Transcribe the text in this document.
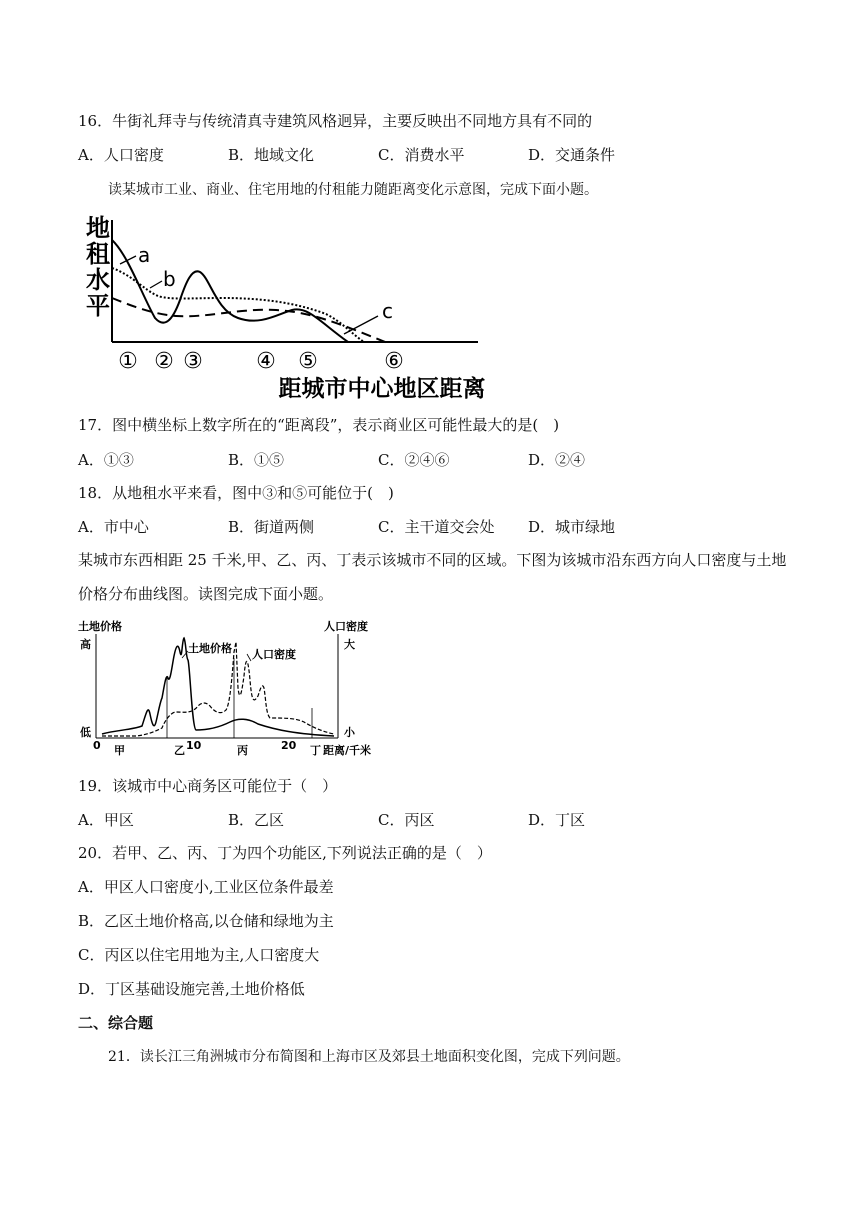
16．牛街礼拜寺与传统清真寺建筑风格迥异，主要反映出不同地方具有不同的
A．人口密度	B．地域文化	C．消费水平	D．交通条件
读某城市工业、商业、住宅用地的付租能力随距离变化示意图，完成下面小题。
地
租
水
平
a
b
c
① ② ③ ④ ⑤	⑥
距城市中心地区距离
17．图中横坐标上数字所在的“距离段”，表示商业区可能性最大的是(　)
A．①③	B．①⑤	C．②④⑥	D．②④
18．从地租水平来看，图中③和⑤可能位于(　)
A．市中心	B．街道两侧	C．主干道交会处 D．城市绿地
某城市东西相距 25 千米,甲、乙、丙、丁表示该城市不同的区域。下图为该城市沿东西方向人口密度与土地
价格分布曲线图。读图完成下面小题。
土地价格
高
低
人口密度
大
小
土地价格 人口密度
0	10	20
甲	乙	丙	丁 距离/千米
19．该城市中心商务区可能位于（　）
A．甲区	B．乙区	C．丙区	D．丁区
20．若甲、乙、丙、丁为四个功能区,下列说法正确的是（　）
A．甲区人口密度小,工业区位条件最差
B．乙区土地价格高,以仓储和绿地为主
C．丙区以住宅用地为主,人口密度大
D．丁区基础设施完善,土地价格低
二、综合题
21．读长江三角洲城市分布简图和上海市区及郊县土地面积变化图，完成下列问题。
